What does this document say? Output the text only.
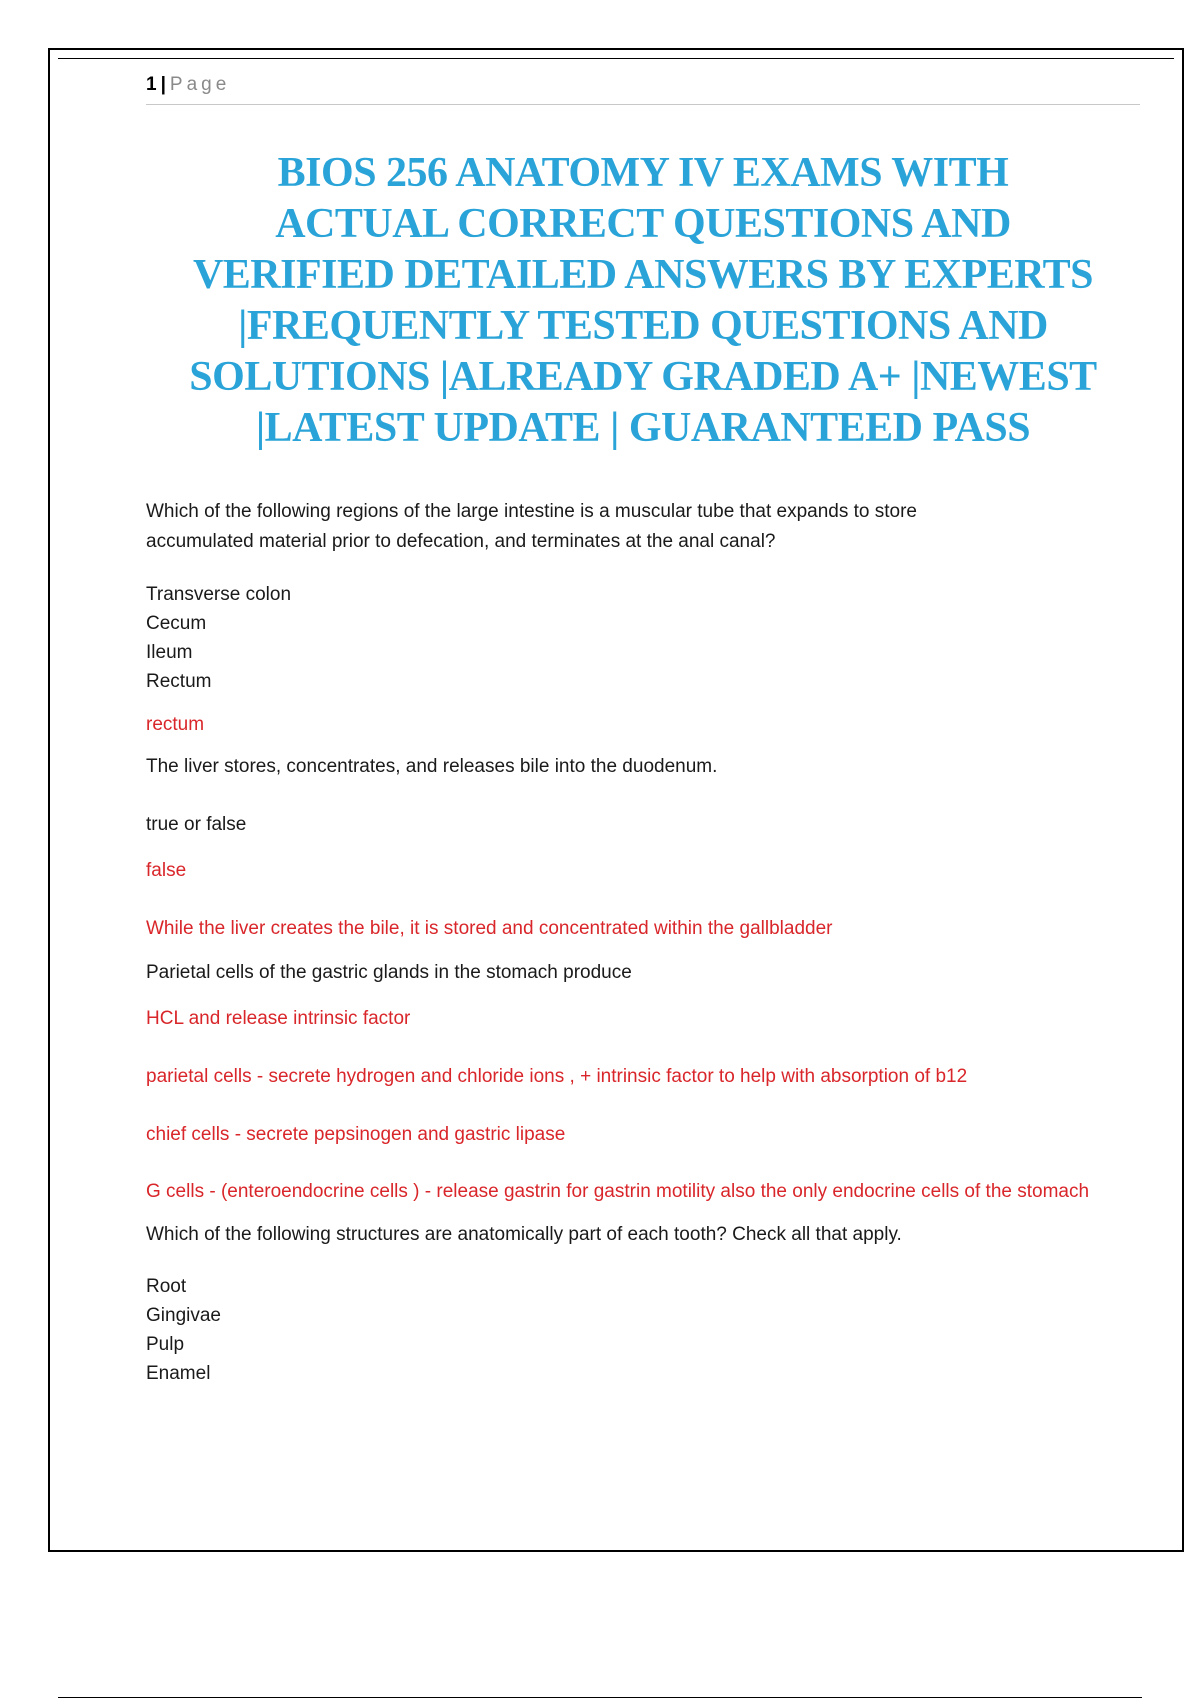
1 | Page
BIOS 256 ANATOMY IV EXAMS WITH
ACTUAL CORRECT QUESTIONS AND
VERIFIED DETAILED ANSWERS BY EXPERTS
|FREQUENTLY TESTED QUESTIONS AND
SOLUTIONS |ALREADY GRADED A+ |NEWEST
|LATEST UPDATE | GUARANTEED PASS

Which of the following regions of the large intestine is a muscular tube that expands to store accumulated material prior to defecation, and terminates at the anal canal?

Transverse colon
Cecum
Ileum
Rectum

rectum

The liver stores, concentrates, and releases bile into the duodenum.

true or false

false

While the liver creates the bile, it is stored and concentrated within the gallbladder

Parietal cells of the gastric glands in the stomach produce

HCL and release intrinsic factor

parietal cells - secrete hydrogen and chloride ions , + intrinsic factor to help with absorption of b12

chief cells - secrete pepsinogen and gastric lipase

G cells - (enteroendocrine cells ) - release gastrin for gastrin motility also the only endocrine cells of the stomach

Which of the following structures are anatomically part of each tooth? Check all that apply.

Root
Gingivae
Pulp
Enamel
